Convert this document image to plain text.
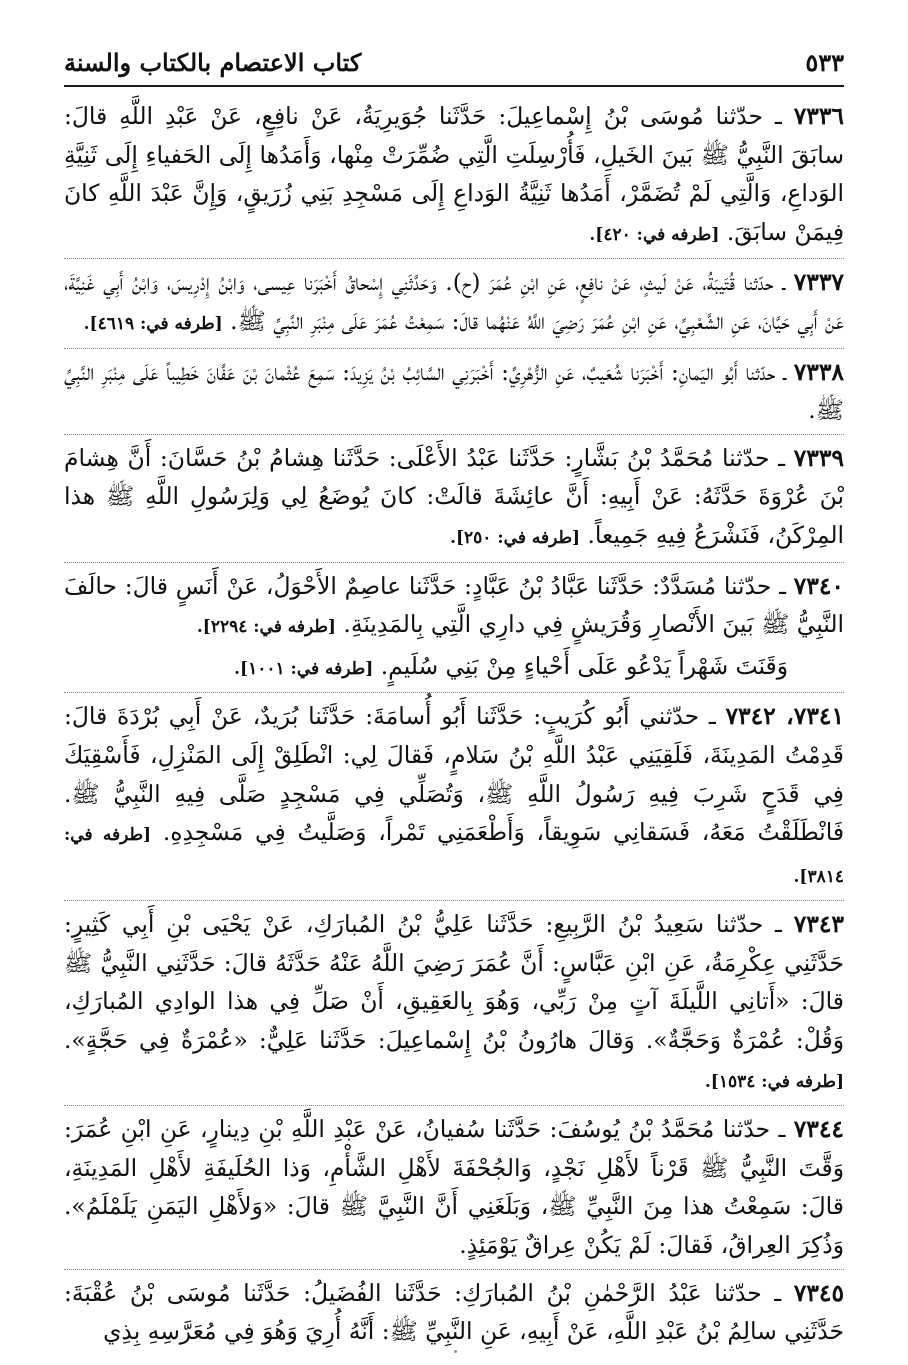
٥٣٣
كتاب الاعتصام بالكتاب والسنة

٧٣٣٦ ـ حدّثنا مُوسَى بْنُ إِسْماعِيلَ: حَدَّثَنا جُوَيرِيَةُ، عَنْ نافِعٍ، عَنْ عَبْدِ اللَّهِ قالَ: سابَقَ النَّبِيُّ ﷺ بَينَ الخَيلِ، فَأُرْسِلَتِ الَّتِي ضُمِّرَتْ مِنْها، وَأَمَدُها إِلَى الحَفياءِ إِلَى ثَنِيَّةِ الوَداعِ، وَالَّتِي لَمْ تُضَمَّرْ، أَمَدُها ثَنِيَّةُ الوَداعِ إِلَى مَسْجِدِ بَنِي زُرَيقٍ، وَإِنَّ عَبْدَ اللَّهِ كانَ فِيمَنْ سابَقَ. [طرفه في: ٤٢٠].

٧٣٣٧ ـ حدّثنا قُتَيبَةُ، عَنْ لَيثٍ، عَنْ نافِعٍ، عَنِ ابْنِ عُمَرَ (ح). وَحَدَّثَنِي إِسْحاقُ أَخْبَرَنا عِيسى، وَابْنُ إِدْرِيسَ، وَابْنُ أَبِي غَنِيَّةَ، عَنْ أَبِي حَيَّانَ، عَنِ الشَّعْبِيِّ، عَنِ ابْنِ عُمَرَ رَضِيَ اللَّهُ عَنْهُما قالَ: سَمِعْتُ عُمَرَ عَلَى مِنْبَرِ النَّبِيِّ ﷺ. [طرفه في: ٤٦١٩].

٧٣٣٨ ـ حدّثنا أَبُو اليَمانِ: أَخْبَرَنا شُعَيبٌ، عَنِ الزُّهْرِيِّ: أَخْبَرَنِي السَّائِبُ بْنُ يَزِيدَ: سَمِعَ عُثْمانَ بْنَ عَفَّانَ خَطِيباً عَلَى مِنْبَرِ النَّبِيِّ ﷺ.

٧٣٣٩ ـ حدّثنا مُحَمَّدُ بْنُ بَشَّارٍ: حَدَّثَنا عَبْدُ الأَعْلَى: حَدَّثَنا هِشامُ بْنُ حَسَّانَ: أَنَّ هِشامَ بْنَ عُرْوَةَ حَدَّثَهُ: عَنْ أَبِيهِ: أَنَّ عائِشَةَ قالَتْ: كانَ يُوضَعُ لِي وَلِرَسُولِ اللَّهِ ﷺ هذا المِرْكَنُ، فَنَشْرَعُ فِيهِ جَمِيعاً. [طرفه في: ٢٥٠].

٧٣٤٠ ـ حدّثنا مُسَدَّدٌ: حَدَّثَنا عَبَّادُ بْنُ عَبَّادٍ: حَدَّثَنا عاصِمٌ الأَحْوَلُ، عَنْ أَنَسٍ قالَ: حالَفَ النَّبِيُّ ﷺ بَينَ الأَنْصارِ وَقُرَيشٍ فِي دارِي الَّتِي بِالمَدِينَةِ. [طرفه في: ٢٢٩٤].
وَقَنَتَ شَهْراً يَدْعُو عَلَى أَحْياءٍ مِنْ بَنِي سُلَيمٍ. [طرفه في: ١٠٠١].

٧٣٤١، ٧٣٤٢ ـ حدّثني أَبُو كُرَيبٍ: حَدَّثَنا أَبُو أُسامَةَ: حَدَّثَنا بُرَيدٌ، عَنْ أَبِي بُرْدَةَ قالَ: قَدِمْتُ المَدِينَةَ، فَلَقِيَنِي عَبْدُ اللَّهِ بْنُ سَلامٍ، فَقالَ لِي: انْطَلِقْ إِلَى المَنْزِلِ، فَأَسْقِيَكَ فِي قَدَحٍ شَرِبَ فِيهِ رَسُولُ اللَّهِ ﷺ، وَتُصَلِّي فِي مَسْجِدٍ صَلَّى فِيهِ النَّبِيُّ ﷺ. فَانْطَلَقْتُ مَعَهُ، فَسَقانِي سَوِيقاً، وَأَطْعَمَنِي تَمْراً، وَصَلَّيتُ فِي مَسْجِدِهِ. [طرفه في: ٣٨١٤].

٧٣٤٣ ـ حدّثنا سَعِيدُ بْنُ الرَّبِيعِ: حَدَّثَنا عَلِيُّ بْنُ المُبارَكِ، عَنْ يَحْيَى بْنِ أَبِي كَثِيرٍ: حَدَّثَنِي عِكْرِمَةُ، عَنِ ابْنِ عَبَّاسٍ: أَنَّ عُمَرَ رَضِيَ اللَّهُ عَنْهُ حَدَّثَهُ قالَ: حَدَّثَنِي النَّبِيُّ ﷺ قالَ: «أَتانِي اللَّيلَةَ آتٍ مِنْ رَبِّي، وَهُوَ بِالعَقِيقِ، أَنْ صَلِّ فِي هذا الوادِي المُبارَكِ، وَقُلْ: عُمْرَةٌ وَحَجَّةٌ». وَقالَ هارُونُ بْنُ إِسْماعِيلَ: حَدَّثَنا عَلِيٌّ: «عُمْرَةٌ فِي حَجَّةٍ». [طرفه في: ١٥٣٤].

٧٣٤٤ ـ حدّثنا مُحَمَّدُ بْنُ يُوسُفَ: حَدَّثَنا سُفيانُ، عَنْ عَبْدِ اللَّهِ بْنِ دِينارٍ، عَنِ ابْنِ عُمَرَ: وَقَّتَ النَّبِيُّ ﷺ قَرْناً لأَهْلِ نَجْدٍ، وَالجُحْفَةَ لأَهْلِ الشَّأْمِ، وَذا الحُلَيفَةِ لأَهْلِ المَدِينَةِ، قالَ: سَمِعْتُ هذا مِنَ النَّبِيِّ ﷺ، وَبَلَغَنِي أَنَّ النَّبِيَّ ﷺ قالَ: «وَلأَهْلِ اليَمَنِ يَلَمْلَمُ». وَذُكِرَ العِراقُ، فَقالَ: لَمْ يَكُنْ عِراقٌ يَوْمَئِذٍ.

٧٣٤٥ ـ حدّثنا عَبْدُ الرَّحْمٰنِ بْنُ المُبارَكِ: حَدَّثَنا الفُضَيلُ: حَدَّثَنا مُوسَى بْنُ عُقْبَةَ: حَدَّثَنِي سالِمُ بْنُ عَبْدِ اللَّهِ، عَنْ أَبِيهِ، عَنِ النَّبِيِّ ﷺ: أَنَّهُ أُرِيَ وَهُوَ فِي مُعَرَّسِهِ بِذِي
